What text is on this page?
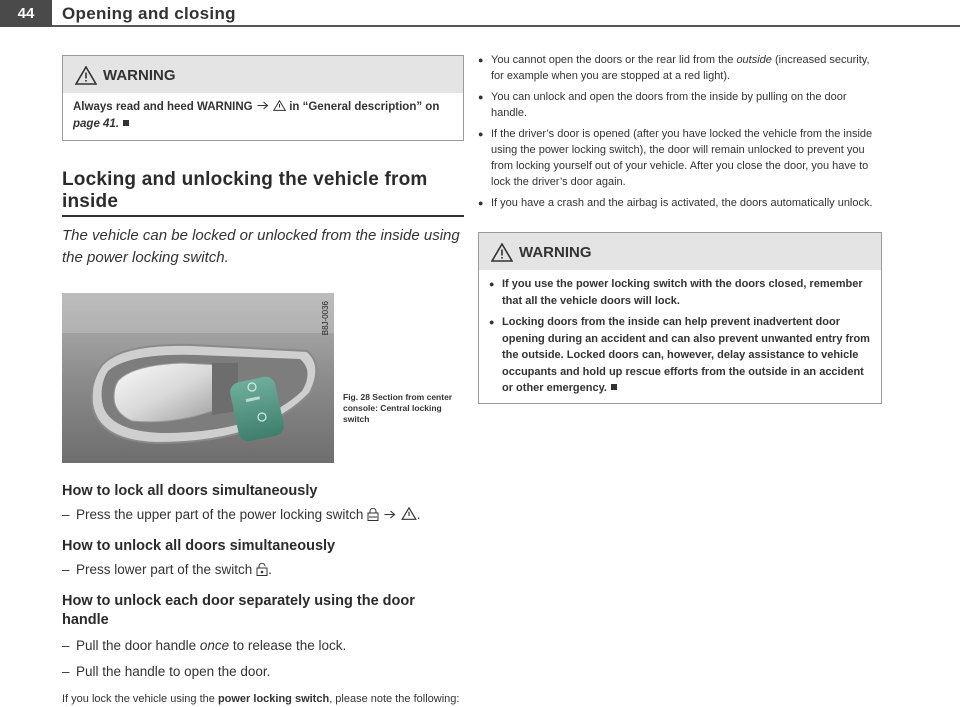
44	Opening and closing
WARNING
Always read and heed WARNING	in “General description” on
page 41.
Locking and unlocking the vehicle from inside

The vehicle can be locked or unlocked from the inside using the power locking switch.

B8J-0036
Fig. 28 Section from center console: Central locking switch
How to lock all doors simultaneously
– Press the upper part of the power locking switch	.
How to unlock all doors simultaneously
– Press lower part of the switch .
How to unlock each door separately using the door handle
– Pull the door handle once to release the lock.
– Pull the handle to open the door.

If you lock the vehicle using the power locking switch, please note the following:

● You cannot open the doors or the rear lid from the outside (increased security, for example when you are stopped at a red light).
● You can unlock and open the doors from the inside by pulling on the door handle.
● If the driver’s door is opened (after you have locked the vehicle from the inside using the power locking switch), the door will remain unlocked to prevent you from locking yourself out of your vehicle. After you close the door, you have to lock the driver’s door again.
● If you have a crash and the airbag is activated, the doors automatically unlock.
WARNING
● If you use the power locking switch with the doors closed, remember that all the vehicle doors will lock.
● Locking doors from the inside can help prevent inadvertent door opening during an accident and can also prevent unwanted entry from the outside. Locked doors can, however, delay assistance to vehicle occupants and hold up rescue efforts from the outside in an accident or other emergency.
